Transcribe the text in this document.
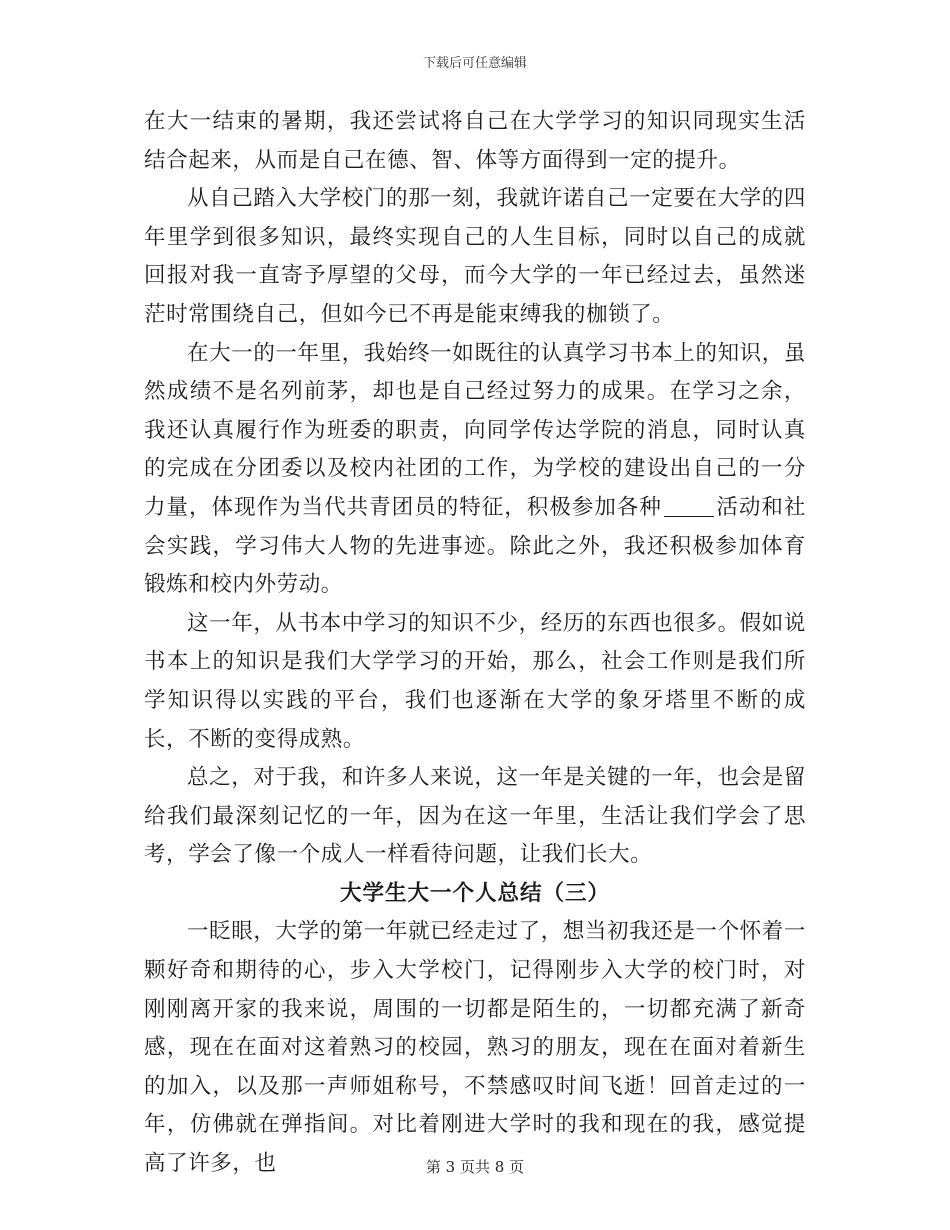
下载后可任意编辑

在大一结束的暑期，我还尝试将自己在大学学习的知识同现实生活结合起来，从而是自己在德、智、体等方面得到一定的提升。

从自己踏入大学校门的那一刻，我就许诺自己一定要在大学的四年里学到很多知识，最终实现自己的人生目标，同时以自己的成就回报对我一直寄予厚望的父母，而今大学的一年已经过去，虽然迷茫时常围绕自己，但如今已不再是能束缚我的枷锁了。

在大一的一年里，我始终一如既往的认真学习书本上的知识，虽然成绩不是名列前茅，却也是自己经过努力的成果。在学习之余，我还认真履行作为班委的职责，向同学传达学院的消息，同时认真的完成在分团委以及校内社团的工作，为学校的建设出自己的一分力量，体现作为当代共青团员的特征，积极参加各种	活动和社会实践，学习伟大人物的先进事迹。除此之外，我还积极参加体育锻炼和校内外劳动。

这一年，从书本中学习的知识不少，经历的东西也很多。假如说书本上的知识是我们大学学习的开始，那么，社会工作则是我们所学知识得以实践的平台，我们也逐渐在大学的象牙塔里不断的成长，不断的变得成熟。

总之，对于我，和许多人来说，这一年是关键的一年，也会是留给我们最深刻记忆的一年，因为在这一年里，生活让我们学会了思考，学会了像一个成人一样看待问题，让我们长大。

大学生大一个人总结（三）

一眨眼，大学的第一年就已经走过了，想当初我还是一个怀着一颗好奇和期待的心，步入大学校门，记得刚步入大学的校门时，对刚刚离开家的我来说，周围的一切都是陌生的，一切都充满了新奇感，现在在面对这着熟习的校园，熟习的朋友，现在在面对着新生的加入，以及那一声师姐称号，不禁感叹时间飞逝！回首走过的一年，仿佛就在弹指间。对比着刚进大学时的我和现在的我，感觉提高了许多，也	第 3 页共 8 页
